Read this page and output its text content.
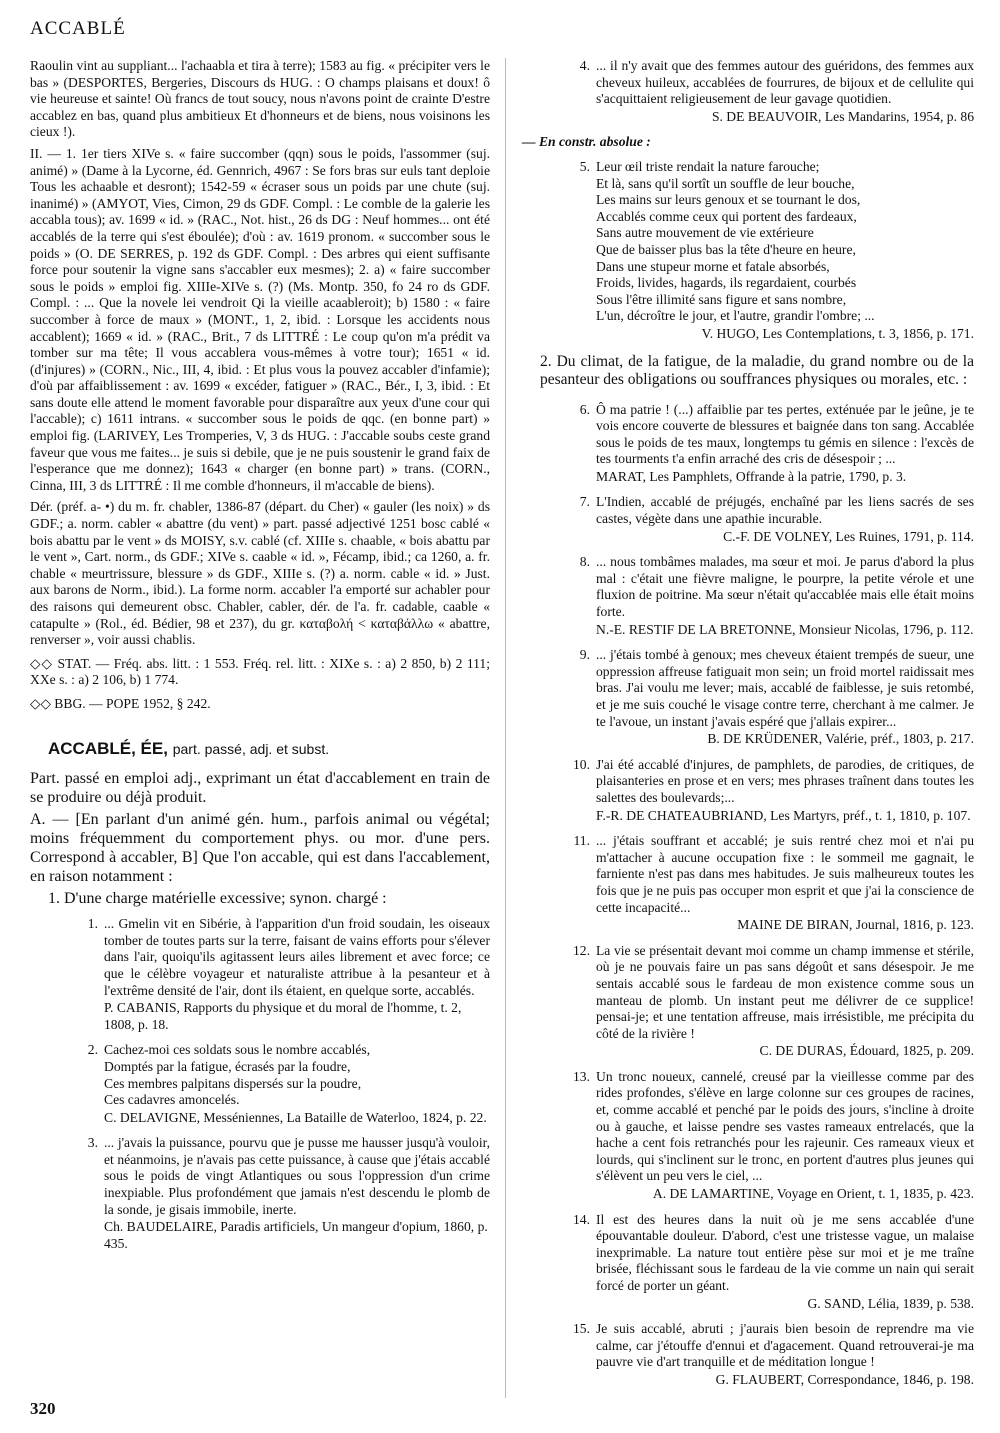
ACCABLÉ

Raoulin vint au suppliant... l'achaabla et tira à terre); 1583 au fig. « précipiter vers le bas » (DESPORTES, Bergeries, Discours ds HUG. : O champs plaisans et doux! ô vie heureuse et sainte! Où francs de tout soucy, nous n'avons point de crainte D'estre accablez en bas, quand plus ambitieux Et d'honneurs et de biens, nous voisinons les cieux !).

II. — 1. 1er tiers XIVe s. « faire succomber (qqn) sous le poids, l'assommer (suj. animé) » (Dame à la Lycorne, éd. Gennrich, 4967 : Se fors bras sur euls tant deploie Tous les achaable et desront); 1542-59 « écraser sous un poids par une chute (suj. inanimé) » (AMYOT, Vies, Cimon, 29 ds GDF. Compl. : Le comble de la galerie les accabla tous); av. 1699 « id. » (RAC., Not. hist., 26 ds DG : Neuf hommes... ont été accablés de la terre qui s'est éboulée); d'où : av. 1619 pronom. « succomber sous le poids » (O. DE SERRES, p. 192 ds GDF. Compl. : Des arbres qui eient suffisante force pour soutenir la vigne sans s'accabler eux mesmes); 2. a) « faire succomber sous le poids » emploi fig. XIIIe-XIVe s. (?) (Ms. Montp. 350, fo 24 ro ds GDF. Compl. : ... Que la novele lei vendroit Qi la vieille acaableroit); b) 1580 : « faire succomber à force de maux » (MONT., 1, 2, ibid. : Lorsque les accidents nous accablent); 1669 « id. » (RAC., Brit., 7 ds LITTRÉ : Le coup qu'on m'a prédit va tomber sur ma tête; Il vous accablera vous-mêmes à votre tour); 1651 « id. (d'injures) » (CORN., Nic., III, 4, ibid. : Et plus vous la pouvez accabler d'infamie); d'où par affaiblissement : av. 1699 « excéder, fatiguer » (RAC., Bér., I, 3, ibid. : Et sans doute elle attend le moment favorable pour disparaître aux yeux d'une cour qui l'accable); c) 1611 intrans. « succomber sous le poids de qqc. (en bonne part) » emploi fig. (LARIVEY, Les Tromperies, V, 3 ds HUG. : J'accable soubs ceste grand faveur que vous me faites... je suis si debile, que je ne puis soustenir le grand faix de l'esperance que me donnez); 1643 « charger (en bonne part) » trans. (CORN., Cinna, III, 3 ds LITTRÉ : Il me comble d'honneurs, il m'accable de biens).

Dér. (préf. a- •) du m. fr. chabler, 1386-87 (départ. du Cher) « gauler (les noix) » ds GDF.; a. norm. cabler « abattre (du vent) » part. passé adjectivé 1251 bosc cablé « bois abattu par le vent » ds MOISY, s.v. cablé (cf. XIIIe s. chaable, « bois abattu par le vent », Cart. norm., ds GDF.; XIVe s. caable « id. », Fécamp, ibid.; ca 1260, a. fr. chable « meurtrissure, blessure » ds GDF., XIIIe s. (?) a. norm. cable « id. » Just. aux barons de Norm., ibid.). La forme norm. accabler l'a emporté sur achabler pour des raisons qui demeurent obsc. Chabler, cabler, dér. de l'a. fr. cadable, caable « catapulte » (Rol., éd. Bédier, 98 et 237), du gr. καταβολή < καταβάλλω « abattre, renverser », voir aussi chablis.

◇◇ STAT. — Fréq. abs. litt. : 1 553. Fréq. rel. litt. : XIXe s. : a) 2 850, b) 2 111; XXe s. : a) 2 106, b) 1 774.

◇◇ BBG. — POPE 1952, § 242.

ACCABLÉ, ÉE, part. passé, adj. et subst.

Part. passé en emploi adj., exprimant un état d'accablement en train de se produire ou déjà produit.

A. — [En parlant d'un animé gén. hum., parfois animal ou végétal; moins fréquemment du comportement phys. ou mor. d'une pers. Correspond à accabler, B] Que l'on accable, qui est dans l'accablement, en raison notamment :

1. D'une charge matérielle excessive; synon. chargé :

1. ... Gmelin vit en Sibérie, à l'apparition d'un froid soudain, les oiseaux tomber de toutes parts sur la terre, faisant de vains efforts pour s'élever dans l'air, quoiqu'ils agitassent leurs ailes librement et avec force; ce que le célèbre voyageur et naturaliste attribue à la pesanteur et à l'extrême densité de l'air, dont ils étaient, en quelque sorte, accablés.
P. CABANIS, Rapports du physique et du moral de l'homme, t. 2, 1808, p. 18.
2. Cachez-moi ces soldats sous le nombre accablés,
Domptés par la fatigue, écrasés par la foudre,
Ces membres palpitans dispersés sur la poudre,
Ces cadavres amoncelés.
C. DELAVIGNE, Messéniennes, La Bataille de Waterloo, 1824, p. 22.
3. ... j'avais la puissance, pourvu que je pusse me hausser jusqu'à vouloir, et néanmoins, je n'avais pas cette puissance, à cause que j'étais accablé sous le poids de vingt Atlantiques ou sous l'oppression d'un crime inexpiable. Plus profondément que jamais n'est descendu le plomb de la sonde, je gisais immobile, inerte.
Ch. BAUDELAIRE, Paradis artificiels, Un mangeur d'opium, 1860, p. 435.
4. ... il n'y avait que des femmes autour des guéridons, des femmes aux cheveux huileux, accablées de fourrures, de bijoux et de cellulite qui s'acquittaient religieusement de leur gavage quotidien.
S. DE BEAUVOIR, Les Mandarins, 1954, p. 86

— En constr. absolue :

5. Leur œil triste rendait la nature farouche;
Et là, sans qu'il sortît un souffle de leur bouche,
Les mains sur leurs genoux et se tournant le dos,
Accablés comme ceux qui portent des fardeaux,
Sans autre mouvement de vie extérieure
Que de baisser plus bas la tête d'heure en heure,
Dans une stupeur morne et fatale absorbés,
Froids, livides, hagards, ils regardaient, courbés
Sous l'être illimité sans figure et sans nombre,
L'un, décroître le jour, et l'autre, grandir l'ombre; ...
V. HUGO, Les Contemplations, t. 3, 1856, p. 171.

2. Du climat, de la fatigue, de la maladie, du grand nombre ou de la pesanteur des obligations ou souffrances physiques ou morales, etc. :

6. Ô ma patrie ! (...) affaiblie par tes pertes, exténuée par le jeûne, je te vois encore couverte de blessures et baignée dans ton sang. Accablée sous le poids de tes maux, longtemps tu gémis en silence : l'excès de tes tourments t'a enfin arraché des cris de désespoir ; ...
MARAT, Les Pamphlets, Offrande à la patrie, 1790, p. 3.
7. L'Indien, accablé de préjugés, enchaîné par les liens sacrés de ses castes, végète dans une apathie incurable.
C.-F. DE VOLNEY, Les Ruines, 1791, p. 114.
8. ... nous tombâmes malades, ma sœur et moi. Je parus d'abord la plus mal : c'était une fièvre maligne, le pourpre, la petite vérole et une fluxion de poitrine. Ma sœur n'était qu'accablée mais elle était moins forte.
N.-E. RESTIF DE LA BRETONNE, Monsieur Nicolas, 1796, p. 112.
9. ... j'étais tombé à genoux; mes cheveux étaient trempés de sueur, une oppression affreuse fatiguait mon sein; un froid mortel raidissait mes bras. J'ai voulu me lever; mais, accablé de faiblesse, je suis retombé, et je me suis couché le visage contre terre, cherchant à me calmer. Je te l'avoue, un instant j'avais espéré que j'allais expirer...
B. DE KRÜDENER, Valérie, préf., 1803, p. 217.
10. J'ai été accablé d'injures, de pamphlets, de parodies, de critiques, de plaisanteries en prose et en vers; mes phrases traînent dans toutes les salettes des boulevards;...
F.-R. DE CHATEAUBRIAND, Les Martyrs, préf., t. 1, 1810, p. 107.
11. ... j'étais souffrant et accablé; je suis rentré chez moi et n'ai pu m'attacher à aucune occupation fixe : le sommeil me gagnait, le farniente n'est pas dans mes habitudes. Je suis malheureux toutes les fois que je ne puis pas occuper mon esprit et que j'ai la conscience de cette incapacité...
MAINE DE BIRAN, Journal, 1816, p. 123.
12. La vie se présentait devant moi comme un champ immense et stérile, où je ne pouvais faire un pas sans dégoût et sans désespoir. Je me sentais accablé sous le fardeau de mon existence comme sous un manteau de plomb. Un instant peut me délivrer de ce supplice! pensai-je; et une tentation affreuse, mais irrésistible, me précipita du côté de la rivière !
C. DE DURAS, Édouard, 1825, p. 209.
13. Un tronc noueux, cannelé, creusé par la vieillesse comme par des rides profondes, s'élève en large colonne sur ces groupes de racines, et, comme accablé et penché par le poids des jours, s'incline à droite ou à gauche, et laisse pendre ses vastes rameaux entrelacés, que la hache a cent fois retranchés pour les rajeunir. Ces rameaux vieux et lourds, qui s'inclinent sur le tronc, en portent d'autres plus jeunes qui s'élèvent un peu vers le ciel, ...
A. DE LAMARTINE, Voyage en Orient, t. 1, 1835, p. 423.
14. Il est des heures dans la nuit où je me sens accablée d'une épouvantable douleur. D'abord, c'est une tristesse vague, un malaise inexprimable. La nature tout entière pèse sur moi et je me traîne brisée, fléchissant sous le fardeau de la vie comme un nain qui serait forcé de porter un géant.
G. SAND, Lélia, 1839, p. 538.
15. Je suis accablé, abruti ; j'aurais bien besoin de reprendre ma vie calme, car j'étouffe d'ennui et d'agacement. Quand retrouverai-je ma pauvre vie d'art tranquille et de méditation longue !
G. FLAUBERT, Correspondance, 1846, p. 198.
320
